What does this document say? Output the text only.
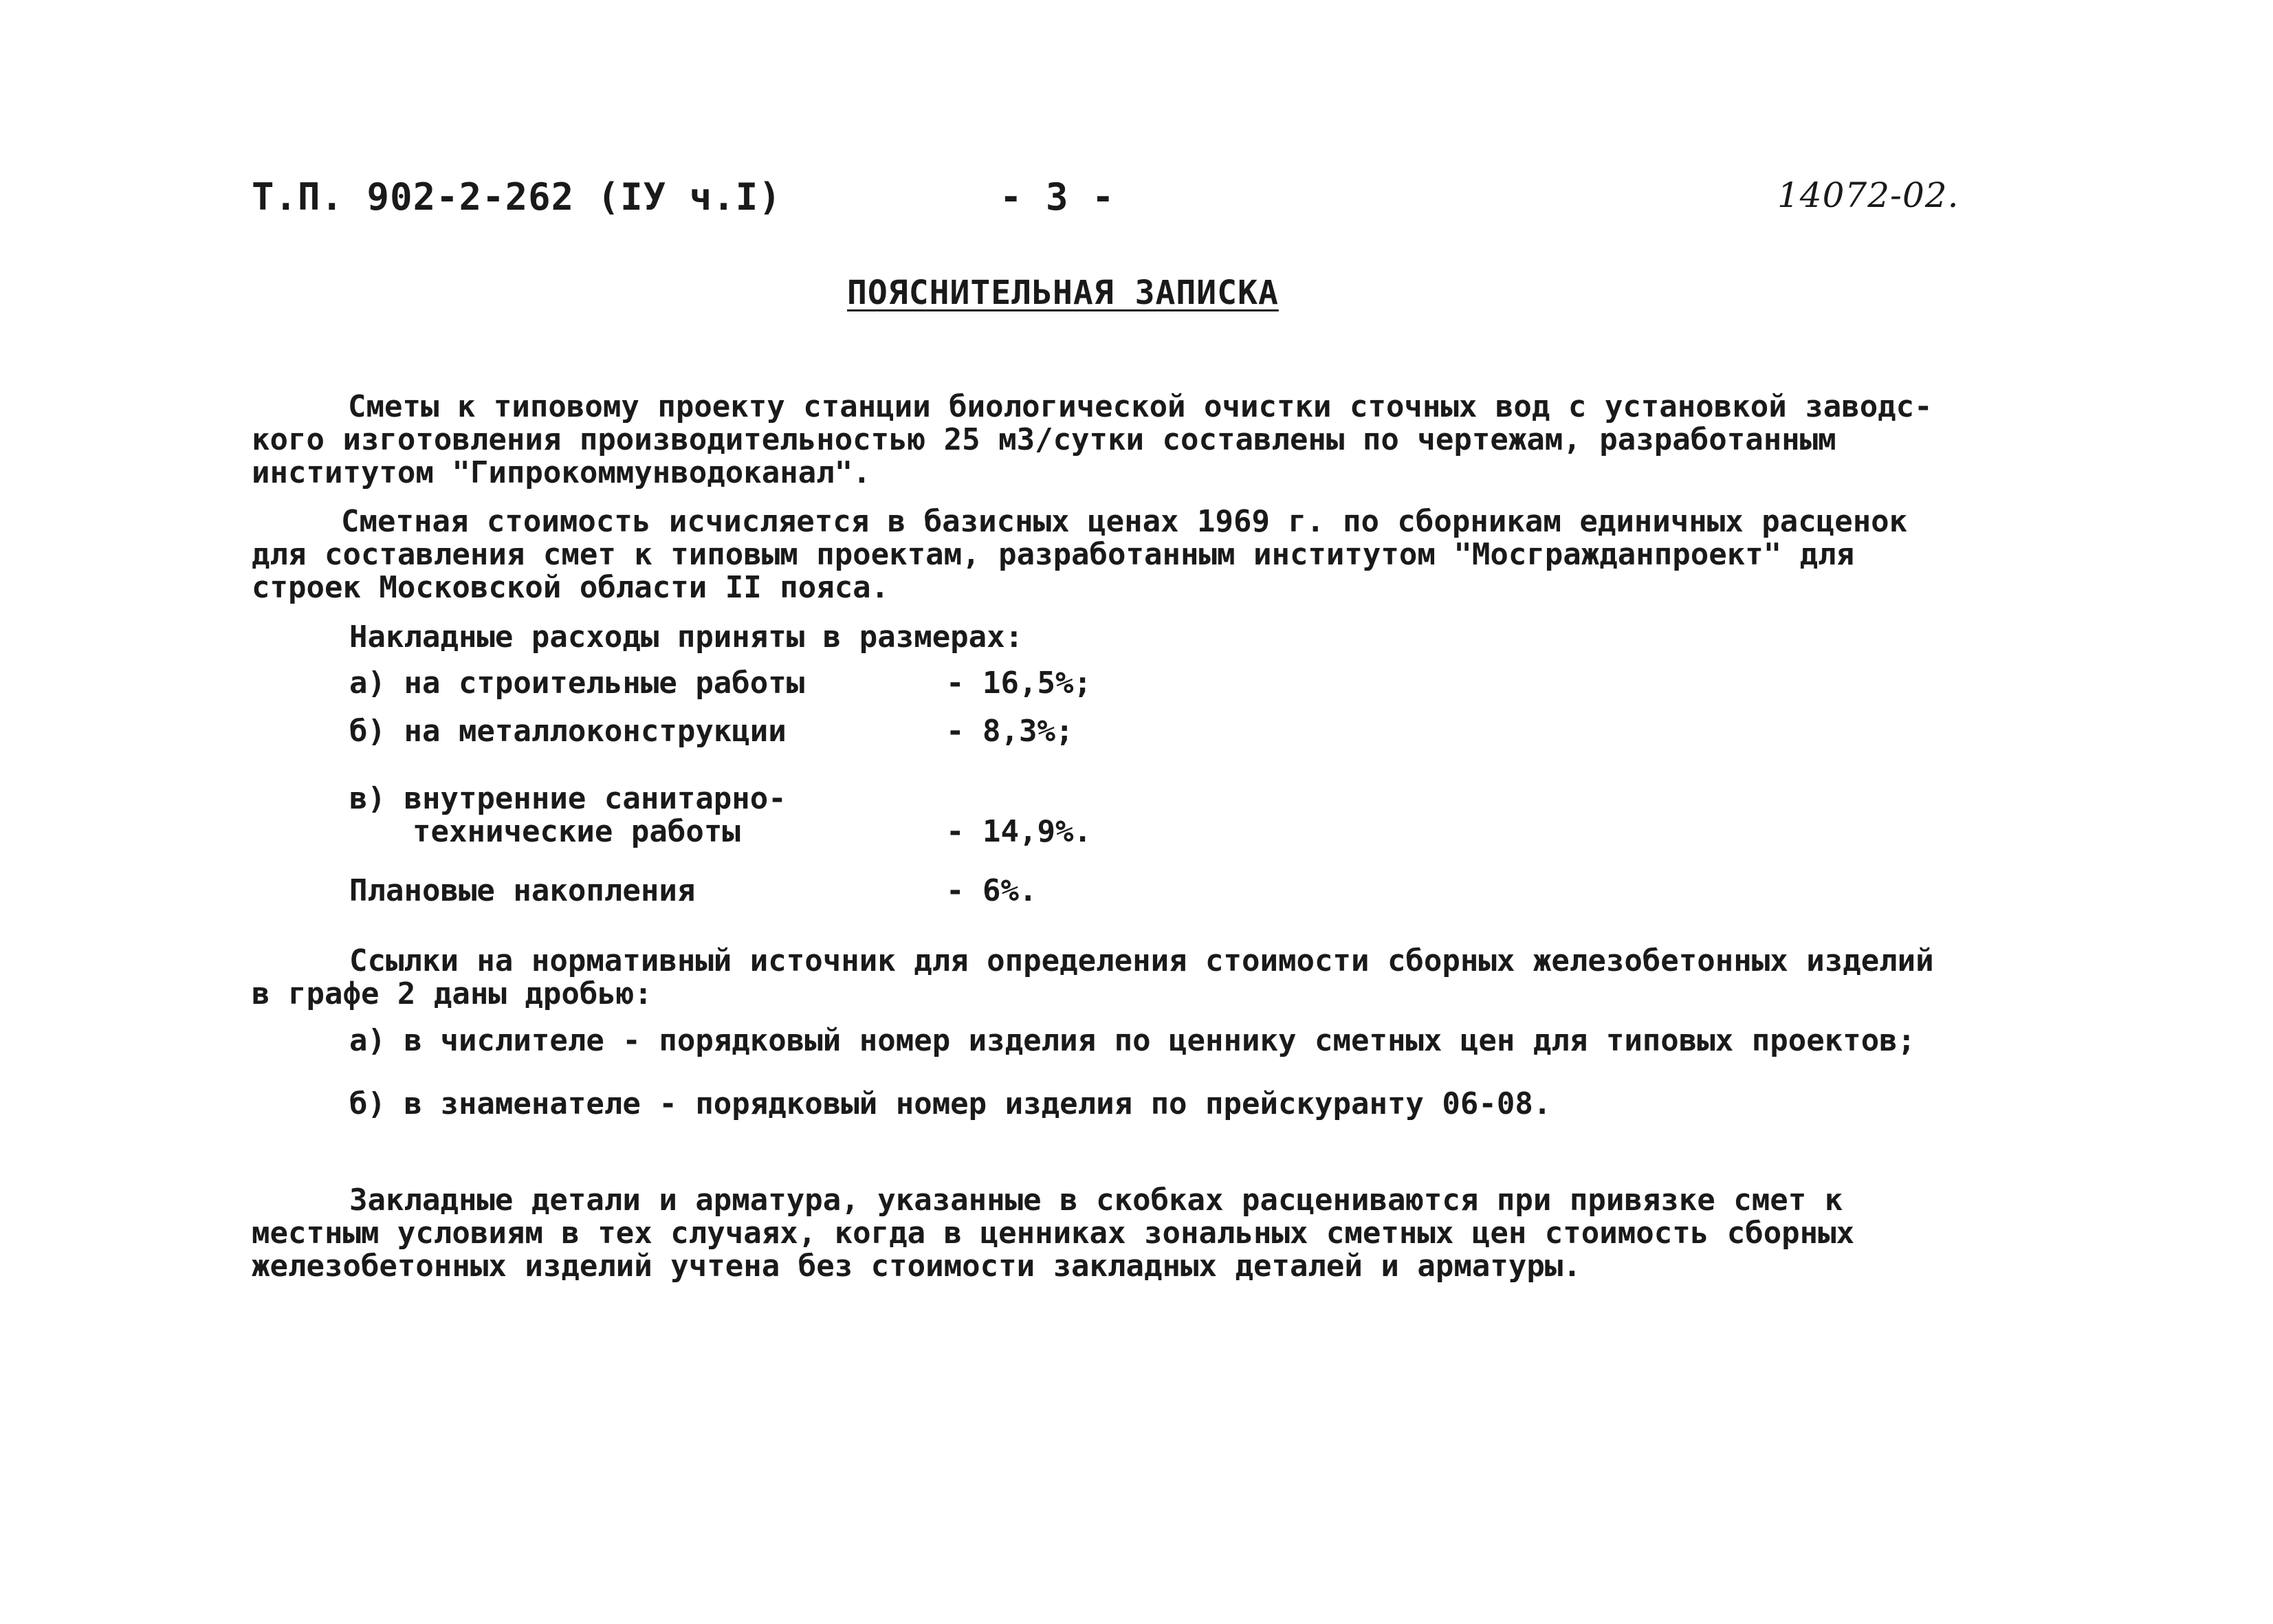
Т.П. 902-2-262 (IУ ч.I)	- 3 -	14072-02.
ПОЯСНИТЕЛЬНАЯ ЗАПИСКА
Сметы к типовому проекту станции биологической очистки сточных вод с установкой заводс-
кого изготовления производительностью 25 м3/сутки составлены по чертежам, разработанным
институтом "Гипрокоммунводоканал".
Сметная стоимость исчисляется в базисных ценах 1969 г. по сборникам единичных расценок
для составления смет к типовым проектам, разработанным институтом "Мосгражданпроект" для
строек Московской области II пояса.
Накладные расходы приняты в размерах:
а) на строительные работы	- 16,5%;
б) на металлоконструкции	- 8,3%;
в) внутренние санитарно-
технические работы	- 14,9%.
Плановые накопления	- 6%.
Ссылки на нормативный источник для определения стоимости сборных железобетонных изделий
в графе 2 даны дробью:
а) в числителе - порядковый номер изделия по ценнику сметных цен для типовых проектов;
б) в знаменателе - порядковый номер изделия по прейскуранту 06-08.
Закладные детали и арматура, указанные в скобках расцениваются при привязке смет к
местным условиям в тех случаях, когда в ценниках зональных сметных цен стоимость сборных
железобетонных изделий учтена без стоимости закладных деталей и арматуры.
